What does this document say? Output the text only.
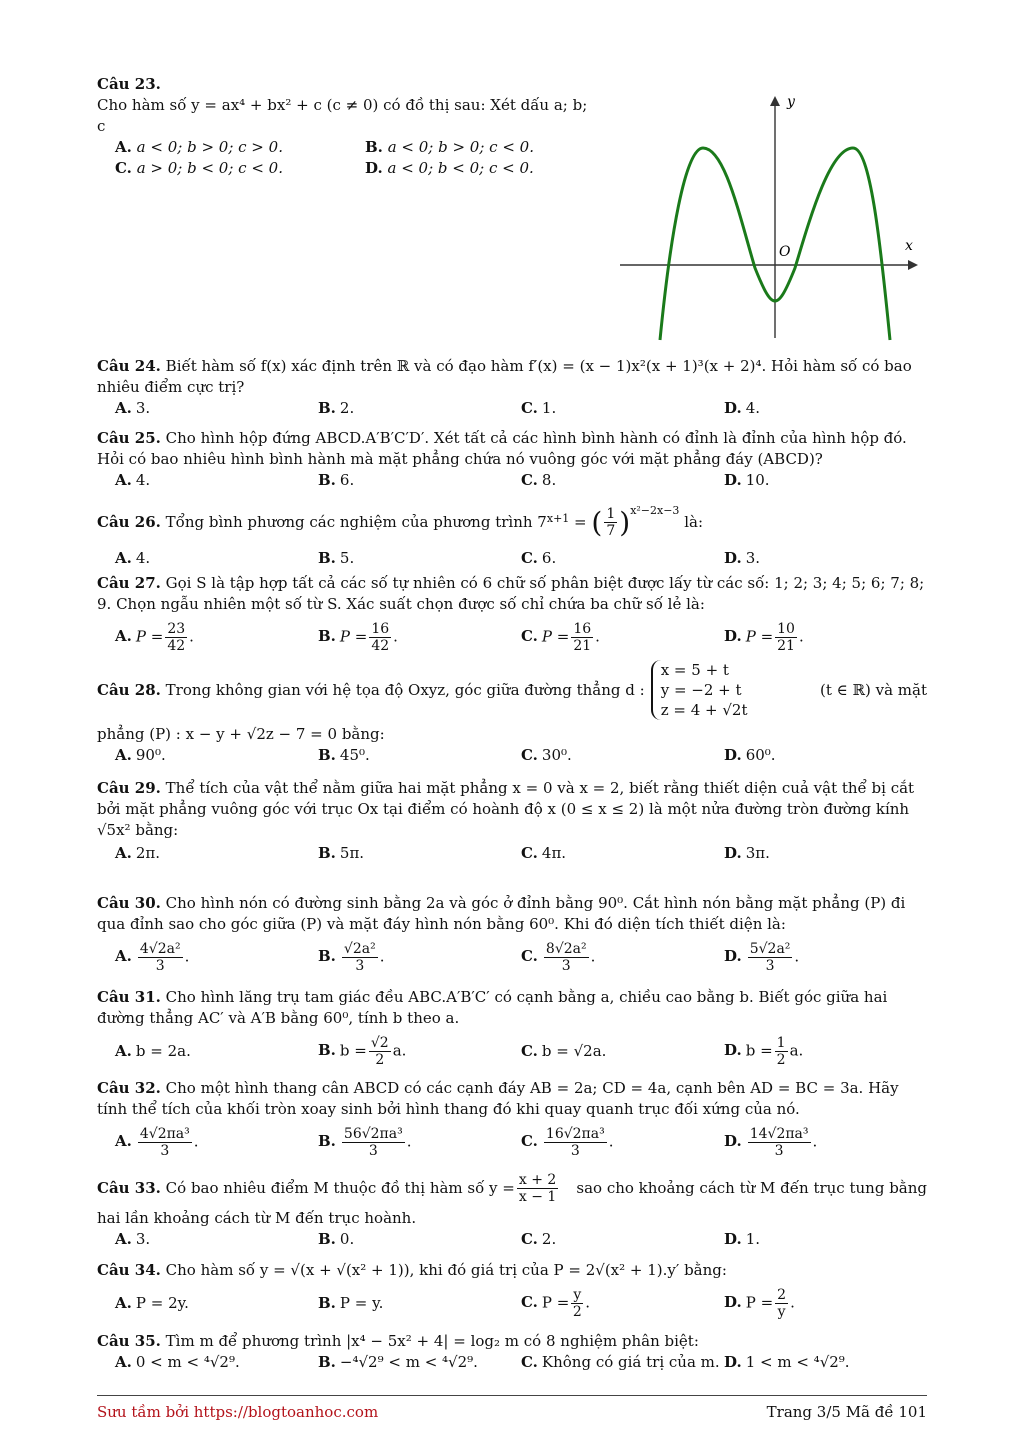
Câu 23.
Cho hàm số y = ax⁴ + bx² + c (c ≠ 0) có đồ thị sau: Xét dấu a; b; c
A. a < 0; b > 0; c > 0.	B. a < 0; b > 0; c < 0.
C. a > 0; b < 0; c < 0.	D. a < 0; b < 0; c < 0.
y
x
O
Câu 24. Biết hàm số f(x) xác định trên ℝ và có đạo hàm f′(x) = (x − 1)x²(x + 1)³(x + 2)⁴. Hỏi hàm số có bao nhiêu điểm cực trị?
A. 3.	B. 2.	C. 1.	D. 4.
Câu 25. Cho hình hộp đứng ABCD.A′B′C′D′. Xét tất cả các hình bình hành có đỉnh là đỉnh của hình hộp đó. Hỏi có bao nhiêu hình bình hành mà mặt phẳng chứa nó vuông góc với mặt phẳng đáy (ABCD)?
A. 4.	B. 6.	C. 8.	D. 10.
Câu 26.
Tổng bình phương các nghiệm của phương trình $7^{x+1}$ = ( $\frac{1}{7} )^{x^2-2x-3}$
là:
A. 4.	B. 5.	C. 6.	D. 3.
Câu 27. Gọi S là tập hợp tất cả các số tự nhiên có 6 chữ số phân biệt được lấy từ các số: 1; 2; 3; 4; 5; 6; 7; 8; 9. Chọn ngẫu nhiên một số từ S. Xác suất chọn được số chỉ chứa ba chữ số lẻ là:
A. $P = \frac{23}{42}$ .	B. $P = \frac{16}{42}$ .	C. $P = \frac{16}{21}$ .	D. $P = \frac{10}{21}$ .
Câu 28.
Trong không gian với hệ tọa độ Oxyz, góc giữa đường thẳng d :
x = 5 + t
y = −2 + t
z = 4 + √2t
(t ∈ ℝ) và mặt
phẳng (P) : x − y + √2z − 7 = 0 bằng:
A. 90⁰.	B. 45⁰.	C. 30⁰.	D. 60⁰.
Câu 29. Thể tích của vật thể nằm giữa hai mặt phẳng x = 0 và x = 2, biết rằng thiết diện cuả vật thể bị cắt bởi mặt phẳng vuông góc với trục Ox tại điểm có hoành độ x (0 ≤ x ≤ 2) là một nửa đường tròn đường kính √5x² bằng:
A. 2π.	B. 5π.	C. 4π.	D. 3π.
Câu 30. Cho hình nón có đường sinh bằng 2a và góc ở đỉnh bằng 90⁰. Cắt hình nón bằng mặt phẳng (P) đi qua đỉnh sao cho góc giữa (P) và mặt đáy hình nón bằng 60⁰. Khi đó diện tích thiết diện là:
A. $\frac{\text{4√2a²}}{3}$ .	B. $\frac{\text{√2a²}}{3}$ .	C. $\frac{\text{8√2a²}}{3}$ .	D. $\frac{\text{5√2a²}}{3}$ .
Câu 31. Cho hình lăng trụ tam giác đều ABC.A′B′C′ có cạnh bằng a, chiều cao bằng b. Biết góc giữa hai đường thẳng AC′ và A′B bằng 60⁰, tính b theo a.
A. b = 2a.	B. $b = \frac{√2}{2} a$.	C. b = √2a.	D. $b = \frac{1}{2} a$.
Câu 32. Cho một hình thang cân ABCD có các cạnh đáy AB = 2a; CD = 4a, cạnh bên AD = BC = 3a. Hãy tính thể tích của khối tròn xoay sinh bởi hình thang đó khi quay quanh trục đối xứng của nó.
A. $\frac{\text{4√2πa³}}{3}$ .	B. $\frac{\text{56√2πa³}}{3}$ .	C. $\frac{\text{16√2πa³}}{3}$ .	D. $\frac{\text{14√2πa³}}{3}$ .
Câu 33.
Có bao nhiêu điểm M thuộc đồ thị hàm số $y = \frac{x + 2}{x - 1}$ sao cho khoảng cách từ M đến trục tung bằng
hai lần khoảng cách từ M đến trục hoành.
A. 3.	B. 0.	C. 2.	D. 1.
Câu 34. Cho hàm số y = √(x + √(x² + 1)), khi đó giá trị của P = 2√(x² + 1).y′ bằng:
A. P = 2y.	B. P = y.	C. $P = \frac{y}{2}$ .	D. $P = \frac{2}{y}$ .
Câu 35. Tìm m để phương trình |x⁴ − 5x² + 4| = log₂ m có 8 nghiệm phân biệt:
A. 0 < m < ⁴√2⁹.	B. −⁴√2⁹ < m < ⁴√2⁹.	C. Không có giá trị của m. D. 1 < m < ⁴√2⁹.
Sưu tầm bởi https://blogtoanhoc.com	Trang 3/5 Mã đề 101
